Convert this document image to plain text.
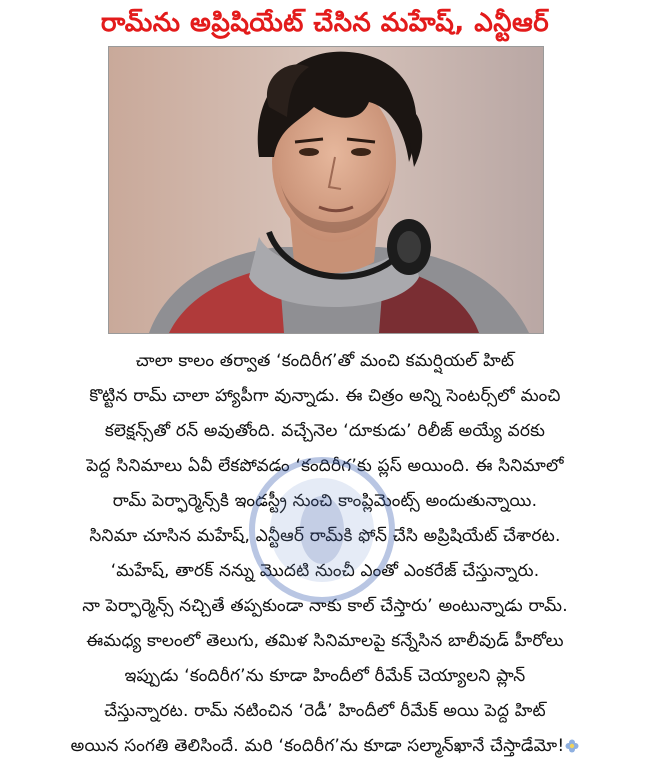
రామ్‌ను అప్రిషియేట్ చేసిన మహేష్, ఎన్టీఆర్
చాలా కాలం తర్వాత ‘కందిరీగ’తో మంచి కమర్షియల్ హిట్
కొట్టిన రామ్ చాలా హ్యాపీగా వున్నాడు. ఈ చిత్రం అన్ని సెంటర్స్‌లో మంచి
కలెక్షన్స్‌తో రన్ అవుతోంది. వచ్చేనెల ‘దూకుడు’ రిలీజ్ అయ్యే వరకు
పెద్ద సినిమాలు ఏవీ లేకపోవడం ‘కందిరీగ’కు ప్లస్ అయింది. ఈ సినిమాలో
రామ్ పెర్ఫార్మెన్స్‌కి ఇండస్ట్రీ నుంచి కాంప్లిమెంట్స్ అందుతున్నాయి.
సినిమా చూసిన మహేష్, ఎన్టీఆర్ రామ్‌కి ఫోన్ చేసి అప్రిషియేట్ చేశారట.
‘మహేష్, తారక్ నన్ను మొదటి నుంచీ ఎంతో ఎంకరేజ్ చేస్తున్నారు.
నా పెర్ఫార్మెన్స్ నచ్చితే తప్పకుండా నాకు కాల్ చేస్తారు’ అంటున్నాడు రామ్.
ఈమధ్య కాలంలో తెలుగు, తమిళ సినిమాలపై కన్నేసిన బాలీవుడ్ హీరోలు
ఇప్పుడు ‘కందిరీగ’ను కూడా హిందీలో రీమేక్ చెయ్యాలని ప్లాన్
చేస్తున్నారట. రామ్ నటించిన ‘రెడీ’ హిందీలో రీమేక్ అయి పెద్ద హిట్
అయిన సంగతి తెలిసిందే. మరి ‘కందిరీగ’ను కూడా సల్మాన్‌ఖానే చేస్తాడేమో!
